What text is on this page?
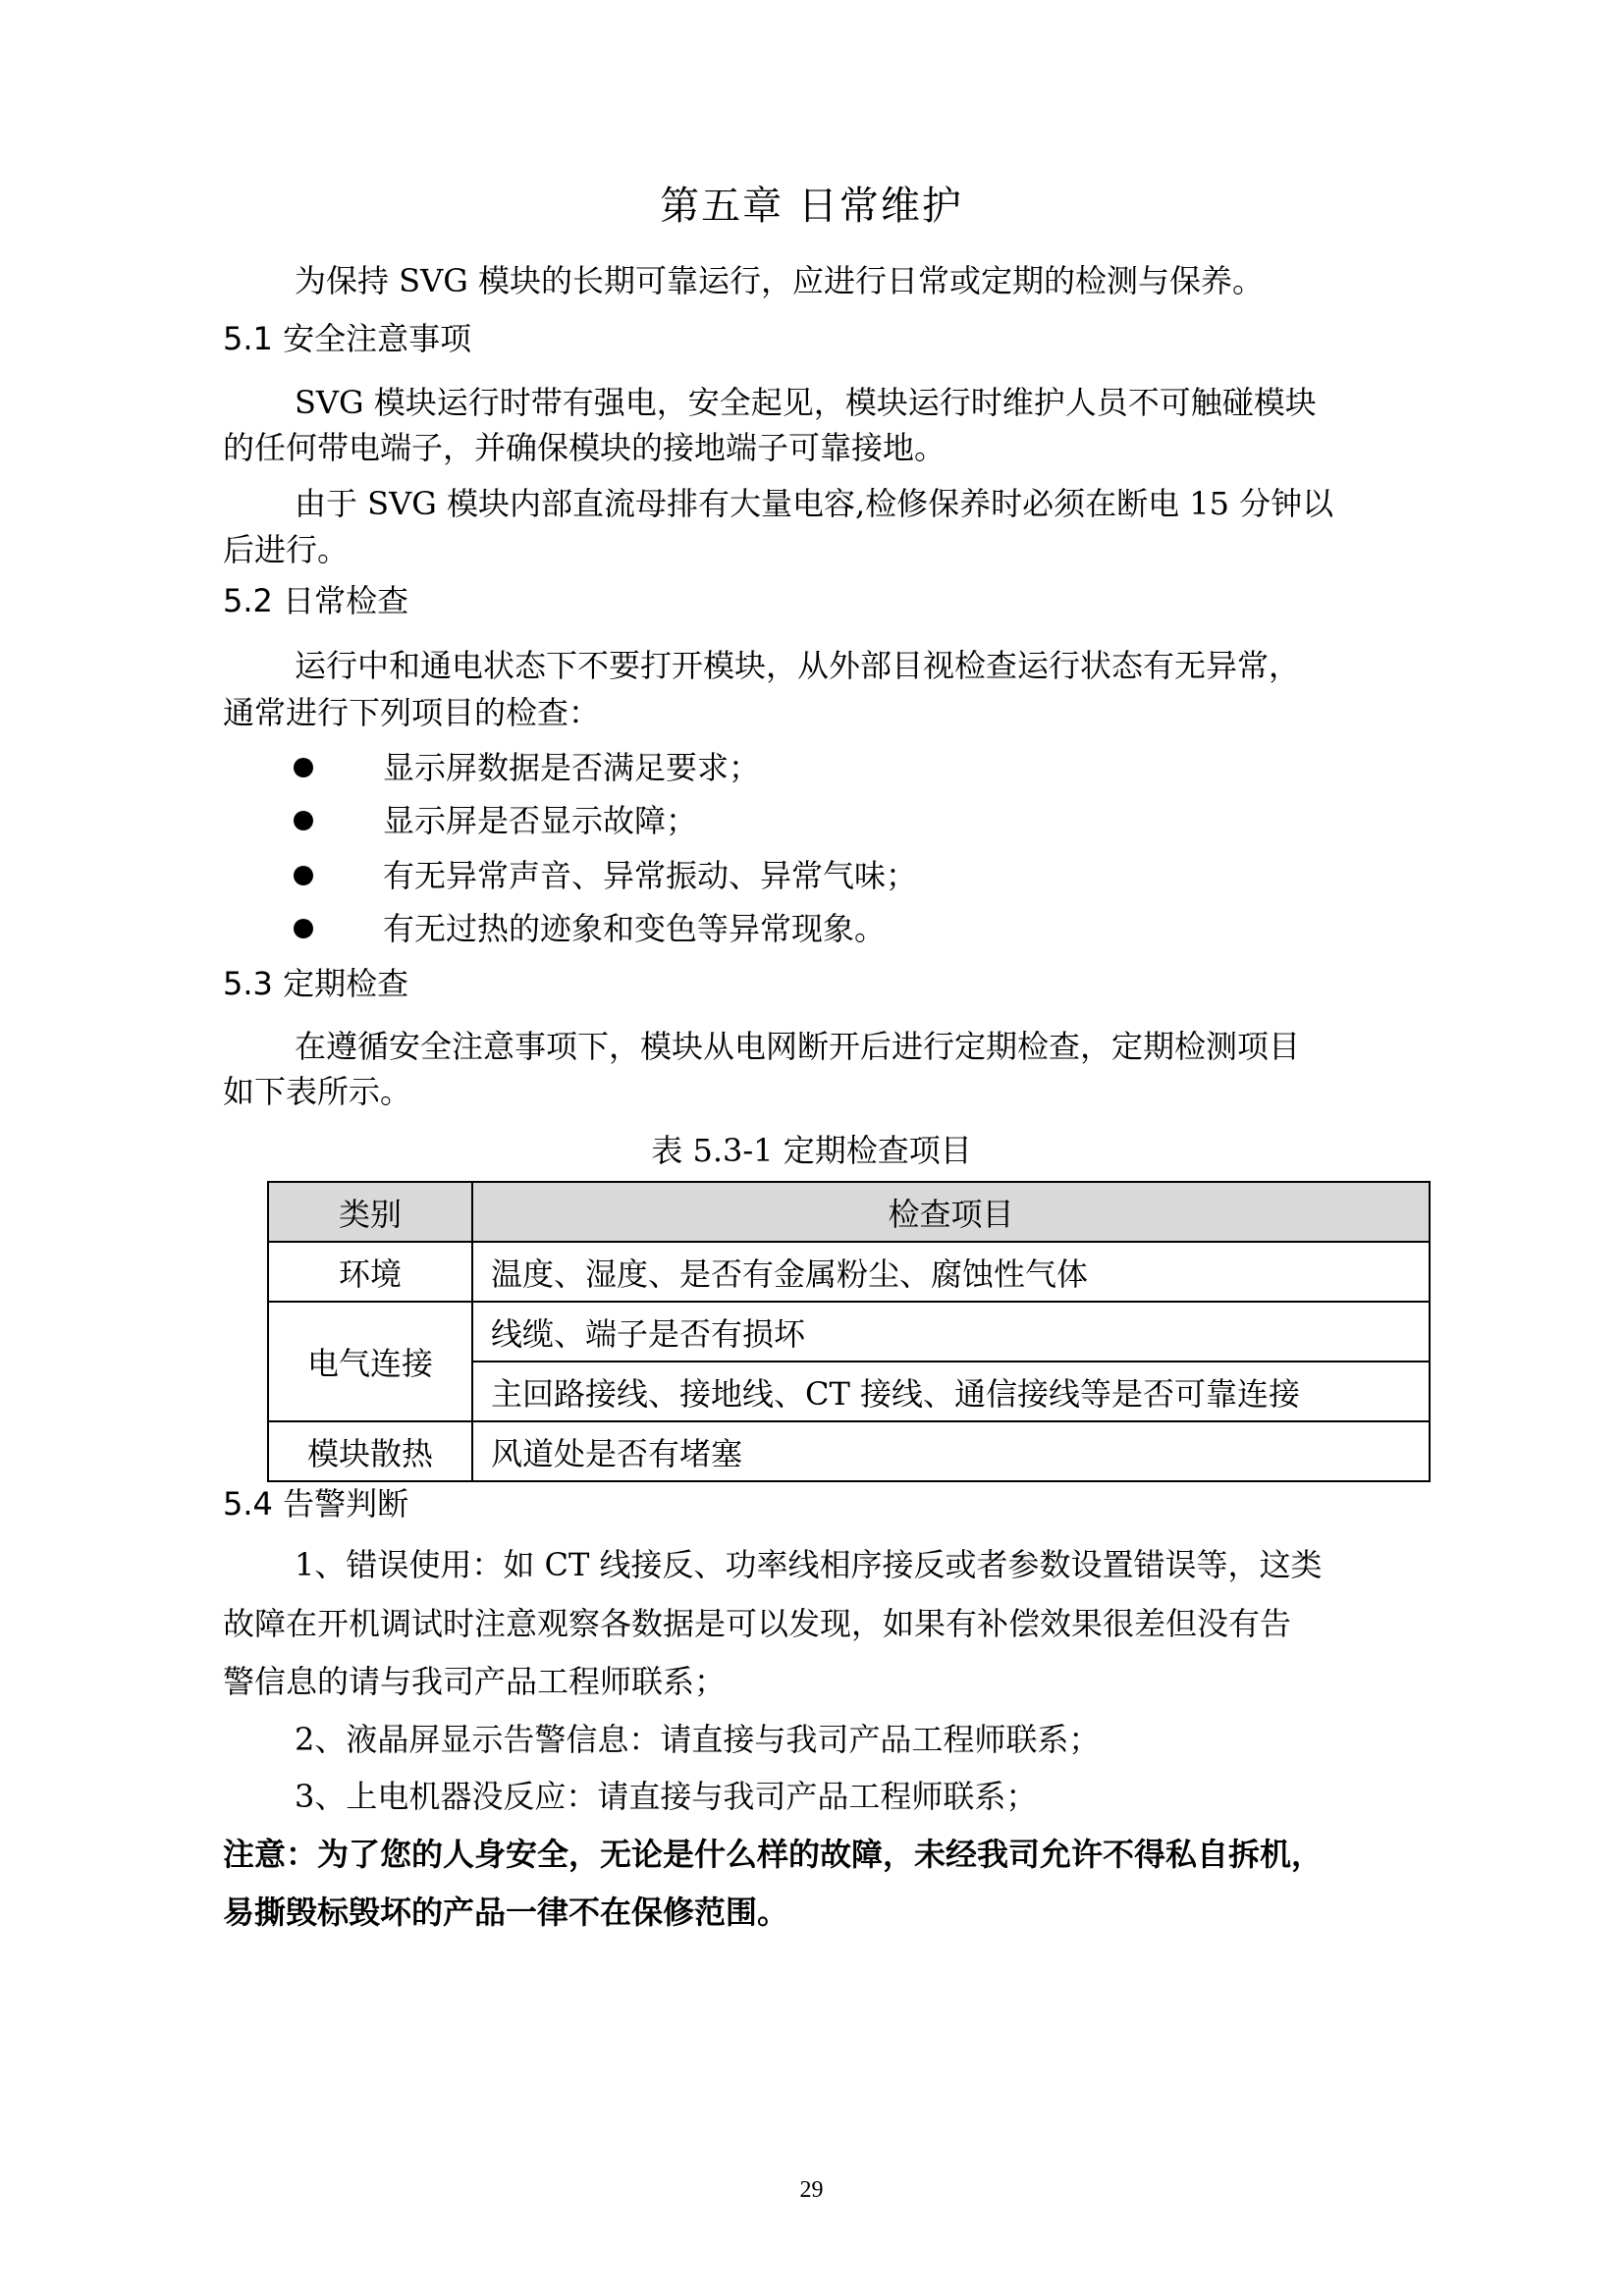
第五章 日常维护
为保持 SVG 模块的长期可靠运行，应进行日常或定期的检测与保养。
5.1 安全注意事项
SVG 模块运行时带有强电，安全起见，模块运行时维护人员不可触碰模块
的任何带电端子，并确保模块的接地端子可靠接地。
由于 SVG 模块内部直流母排有大量电容,检修保养时必须在断电 15 分钟以
后进行。
5.2 日常检查
运行中和通电状态下不要打开模块，从外部目视检查运行状态有无异常，
通常进行下列项目的检查：
显示屏数据是否满足要求；
显示屏是否显示故障；
有无异常声音、异常振动、异常气味；
有无过热的迹象和变色等异常现象。
5.3 定期检查
在遵循安全注意事项下，模块从电网断开后进行定期检查，定期检测项目
如下表所示。
表 5.3-1 定期检查项目
类别	检查项目
环境	温度、湿度、是否有金属粉尘、腐蚀性气体
电气连接	线缆、端子是否有损坏
	主回路接线、接地线、CT 接线、通信接线等是否可靠连接
模块散热	风道处是否有堵塞
5.4 告警判断
1、错误使用：如 CT 线接反、功率线相序接反或者参数设置错误等，这类
故障在开机调试时注意观察各数据是可以发现，如果有补偿效果很差但没有告
警信息的请与我司产品工程师联系；
2、液晶屏显示告警信息：请直接与我司产品工程师联系；
3、上电机器没反应：请直接与我司产品工程师联系；
注意：为了您的人身安全，无论是什么样的故障，未经我司允许不得私自拆机，
易撕毁标毁坏的产品一律不在保修范围。
29
